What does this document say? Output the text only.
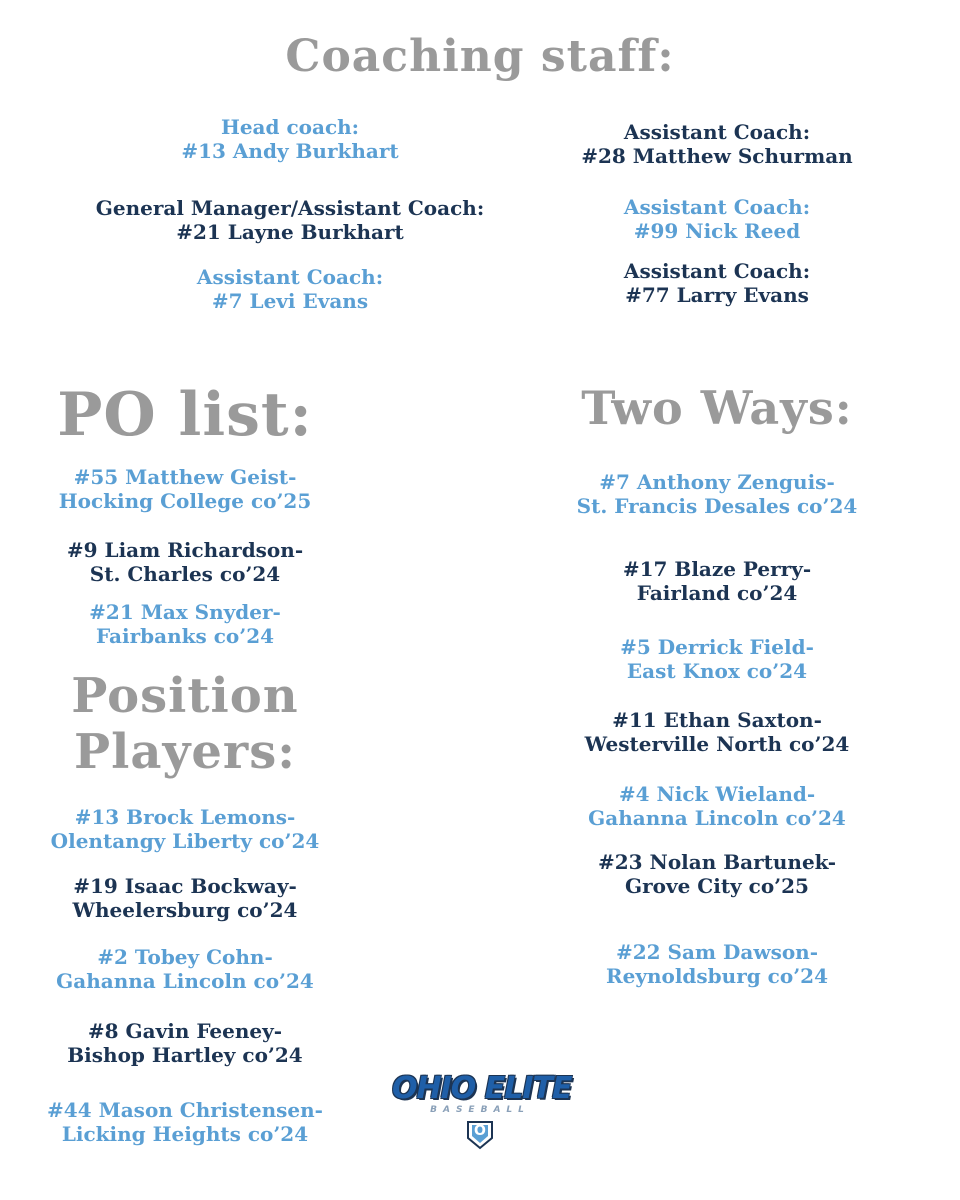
Coaching staff:
Head coach:
#13 Andy Burkhart
General Manager/Assistant Coach:
#21 Layne Burkhart
Assistant Coach:
#7 Levi Evans
Assistant Coach:
#28 Matthew Schurman
Assistant Coach:
#99 Nick Reed
Assistant Coach:
#77 Larry Evans
PO list:
#55 Matthew Geist-
Hocking College co’25
#9 Liam Richardson-
St. Charles co’24
#21 Max Snyder-
Fairbanks co’24
Position
Players:
#13 Brock Lemons-
Olentangy Liberty co’24
#19 Isaac Bockway-
Wheelersburg co’24
#2 Tobey Cohn-
Gahanna Lincoln co’24
#8 Gavin Feeney-
Bishop Hartley co’24
#44 Mason Christensen-
Licking Heights co’24
Two Ways:
#7 Anthony Zenguis-
St. Francis Desales co’24
#17 Blaze Perry-
Fairland co’24
#5 Derrick Field-
East Knox co’24
#11 Ethan Saxton-
Westerville North co’24
#4 Nick Wieland-
Gahanna Lincoln co’24
#23 Nolan Bartunek-
Grove City co’25
#22 Sam Dawson-
Reynoldsburg co’24
OHIO ELITE
BASEBALL
O
